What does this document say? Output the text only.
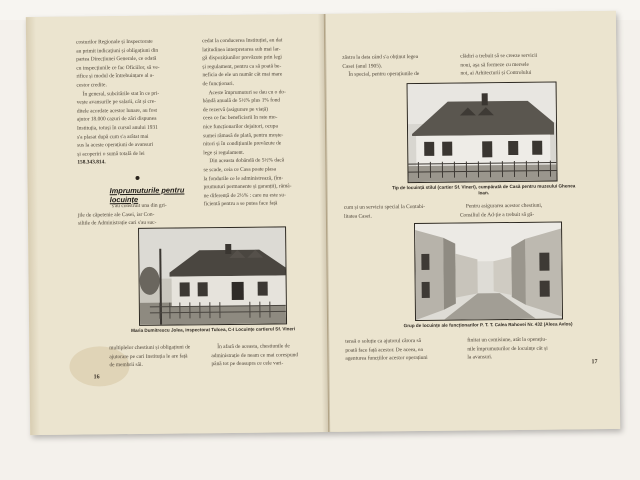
costurilor Regionale și Inspectorate

au primit indicațiuni și obligațiuni din

partea Direcțiunei Generale, ce odată

cu inspecțiunile ce fac Oficiilor, să ve-

rifice și modul de întrebuințare al a-

cestor credite.

În general, subcitările stat în ce pri-

vește avansurile pe salarii, cât și cre-

ditele acordate acestor lunare, au fost

ajutor 18.000 cazuri de zări dispunea

Instituția, totuși în cursul anului 1931

s'a plasat după cum s'a arătat mai

sus la aceste operațiuni de avansuri

și acoperiri o sumă totală de lei

158.343.814.

Imprumuturile pentru locuințe

s'au construit una din gri-

jile de căpetenie ale Casei, iar Con-

siliile de Administrație cari s'au suc-

cedat la conducerea Instituției, au dat

latitudinea interpretarea sub mai lar-

gă dispozițiunilor prevăzute prin legi

și regulament, pentru ca să poată be-

neficia de ele un număr cât mai mare

de funcționari.

Aceste împrumuturi se dau cu o do-

bândă anuală de 5½% plus 1% fond

de rezervă (asigurare pe viață)

ceea ce fac beneficiarii în rate mo-

nice funcționarilor dejaitori, ocupa

sumei rămasă de plată, pentru moște-

nitori și în condițiunile prevăzute de

lege și regulament.

Din aceasta dobândă de 5½% dacă

se scade, ceia ce Casa poate plasa

la fondurile ce le administrează, (îm-

prumuturi permanente și garanții), rămâ-

ne diferență de 2½% : care nu este su-

ficientă pentru a se putea face față

Maria Dumitrescu Jolea, inspectorat Tulcea, C-I Locuințe cartierul Sf. Vineri

multiplelor chestiuni și obligațiuni de

ajutorare pe cari Instituția le are față

de membrii săi.

În afară de aceasta, chestiunile de

administrație de neam ce mai corespund

până tot pe deasupra ce cele vari-

16

zăstra la data când s'a obținut legea

Casei (anul 1905).

În special, pentru operațiunile de

clădiri a trebuit să se creeze servicii

noui, aşa să formeze cu mersele

noi, ai Arhitecturii și Controlului

Tip de locuință stilul (cartier Sf. Vineri), cumpărată de Casă pentru muzeului Ghenea Ioan.

cum și un serviciu special la Contabi-

litatea Casei.

Pentru asigurarea acestor chestiuni,

Consiliul de Ad-ție a trebuit să gă-

Grup de locuințe ale funcționarilor P. T. T. Calea Rahovei Nr. 432 (Aleea Avlos)

tensă o soluție ca ajutorul cărora să

poată face față acestor. De aceea, ea

agenturea funcțiilor acestor operațiuni

finitat un comisiune, atât la operațiu-

nile împrumuturilor de locuințe cât și

la avansuri.

17
